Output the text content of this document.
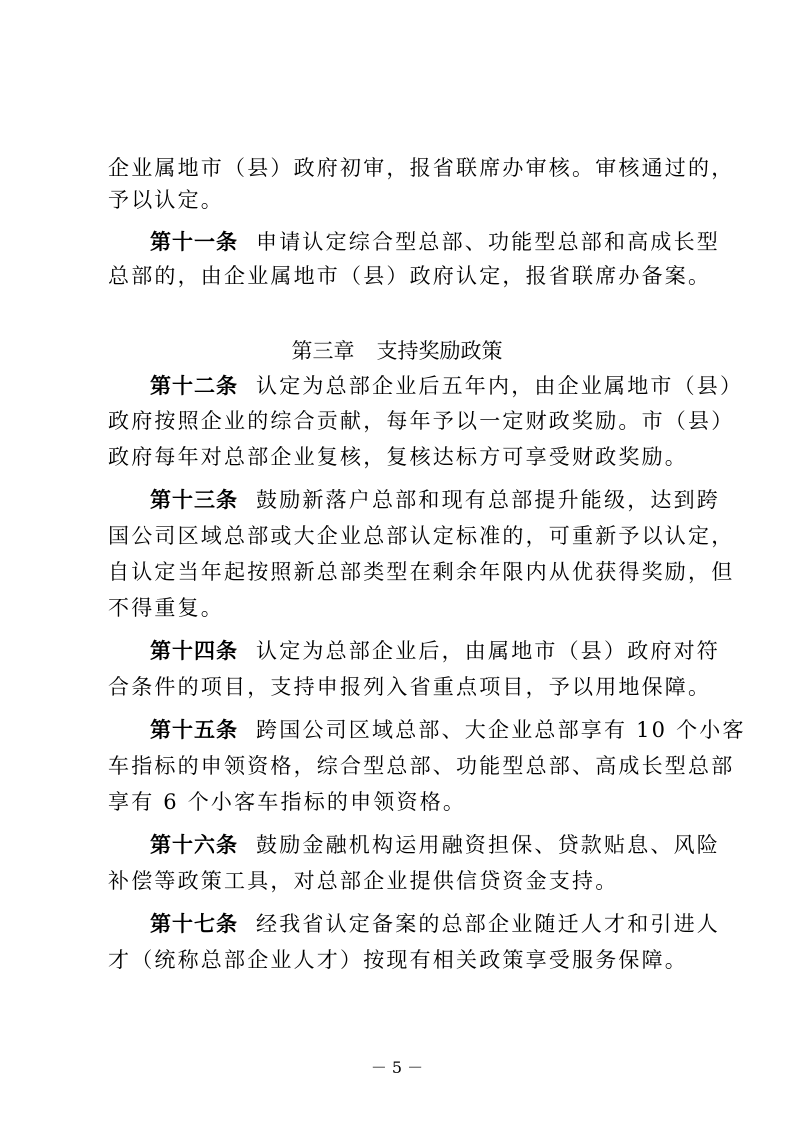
企业属地市（县）政府初审，报省联席办审核。审核通过的，
予以认定。
第十一条 申请认定综合型总部、功能型总部和高成长型
总部的，由企业属地市（县）政府认定，报省联席办备案。
第三章 支持奖励政策
第十二条 认定为总部企业后五年内，由企业属地市（县）
政府按照企业的综合贡献，每年予以一定财政奖励。市（县）
政府每年对总部企业复核，复核达标方可享受财政奖励。
第十三条 鼓励新落户总部和现有总部提升能级，达到跨
国公司区域总部或大企业总部认定标准的，可重新予以认定，
自认定当年起按照新总部类型在剩余年限内从优获得奖励，但
不得重复。
第十四条 认定为总部企业后，由属地市（县）政府对符
合条件的项目，支持申报列入省重点项目，予以用地保障。
第十五条 跨国公司区域总部、大企业总部享有 10 个小客
车指标的申领资格，综合型总部、功能型总部、高成长型总部
享有 6 个小客车指标的申领资格。
第十六条 鼓励金融机构运用融资担保、贷款贴息、风险
补偿等政策工具，对总部企业提供信贷资金支持。
第十七条 经我省认定备案的总部企业随迁人才和引进人
才（统称总部企业人才）按现有相关政策享受服务保障。
－ 5 －
